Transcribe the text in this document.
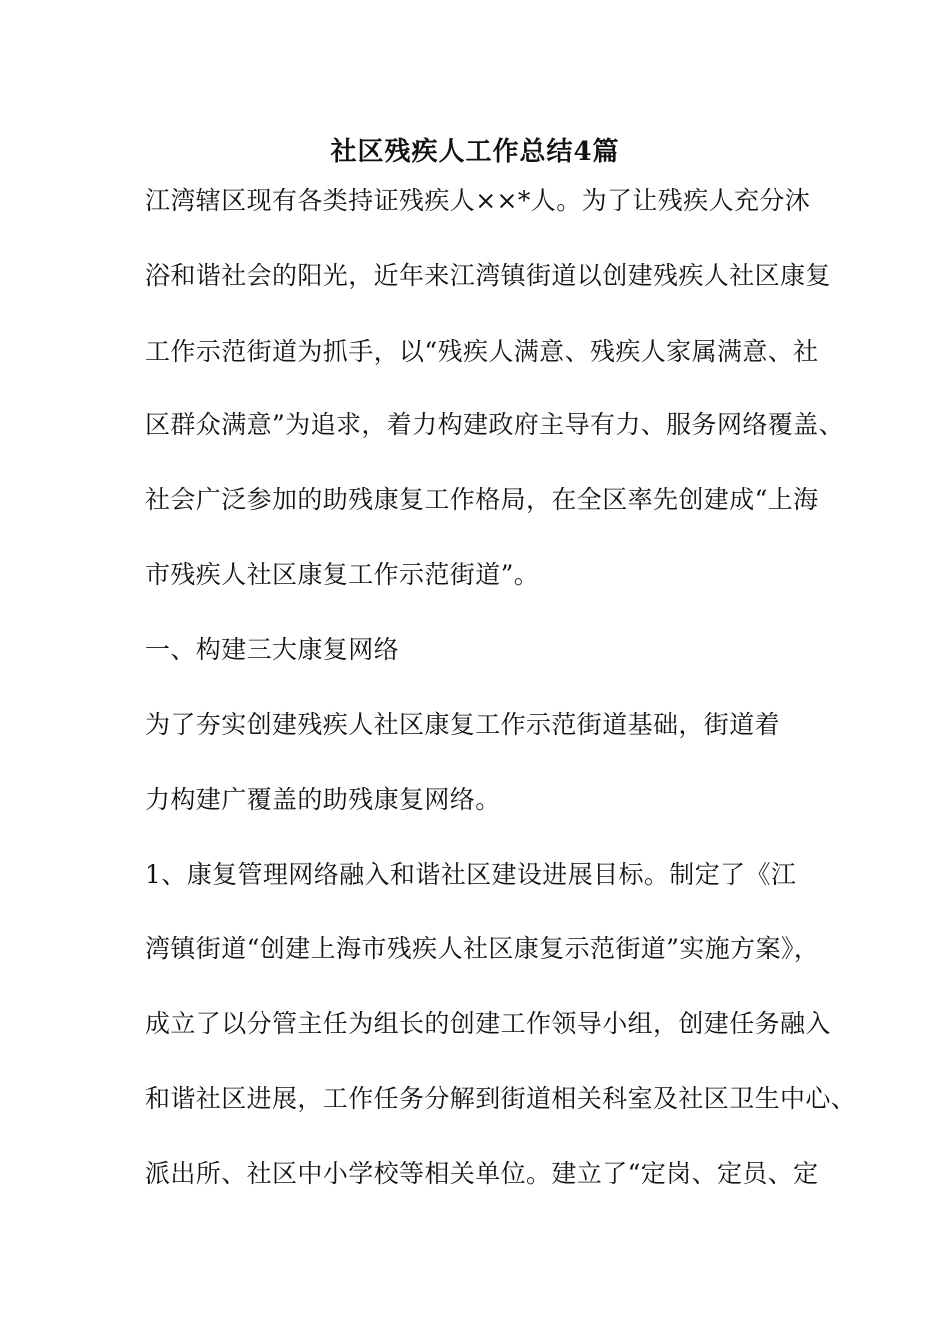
社区残疾人工作总结4篇
江湾辖区现有各类持证残疾人××*人。为了让残疾人充分沐
浴和谐社会的阳光，近年来江湾镇街道以创建残疾人社区康复
工作示范街道为抓手，以“残疾人满意、残疾人家属满意、社
区群众满意”为追求，着力构建政府主导有力、服务网络覆盖、
社会广泛参加的助残康复工作格局，在全区率先创建成“上海
市残疾人社区康复工作示范街道”。
一、构建三大康复网络
为了夯实创建残疾人社区康复工作示范街道基础，街道着
力构建广覆盖的助残康复网络。
1、康复管理网络融入和谐社区建设进展目标。制定了《江
湾镇街道“创建上海市残疾人社区康复示范街道”实施方案》，
成立了以分管主任为组长的创建工作领导小组，创建任务融入
和谐社区进展，工作任务分解到街道相关科室及社区卫生中心、
派出所、社区中小学校等相关单位。建立了“定岗、定员、定
